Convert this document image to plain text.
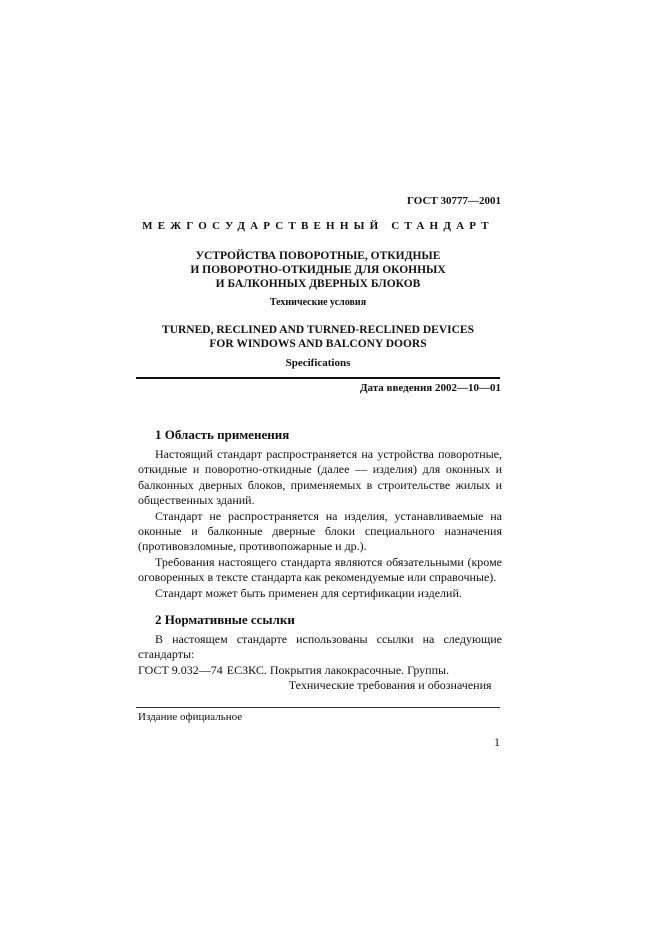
ГОСТ 30777—2001
МЕЖГОСУДАРСТВЕННЫЙ СТАНДАРТ
УСТРОЙСТВА ПОВОРОТНЫЕ, ОТКИДНЫЕ
И ПОВОРОТНО-ОТКИДНЫЕ ДЛЯ ОКОННЫХ
И БАЛКОННЫХ ДВЕРНЫХ БЛОКОВ
Технические условия
TURNED, RECLINED AND TURNED-RECLINED DEVICES
FOR WINDOWS AND BALCONY DOORS
Specifications
Дата введения 2002—10—01
1 Область применения

Настоящий стандарт распространяется на устройства поворотные, откидные и поворотно-откидные (далее — изделия) для оконных и балконных дверных блоков, применяемых в строительстве жилых и общественных зданий.

Стандарт не распространяется на изделия, устанавливаемые на оконные и балконные дверные блоки специального назначения (противовзломные, противопожарные и др.).

Требования настоящего стандарта являются обязательными (кроме оговоренных в тексте стандарта как рекомендуемые или справочные).

Стандарт может быть применен для сертификации изделий.

2 Нормативные ссылки
В настоящем стандарте использованы ссылки на следующие стандарты:
ГОСТ 9.032—74 ЕСЗКС. Покрытия лакокрасочные. Группы. Технические требования и обозначения
Издание официальное
1
